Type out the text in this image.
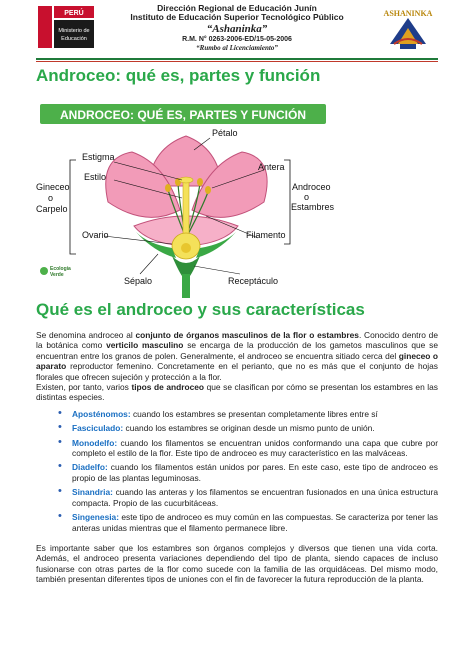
PERÚ
Ministerio de
Educación
Dirección Regional de Educación Junín
Instituto de Educación Superior Tecnológico Público
“Ashaninka”
R.M. N° 0263-2006-ED/15-05-2006
“Rumbo al Licenciamiento”
ASHANINKA
Androceo: qué es, partes y función
ANDROCEO: QUÉ ES, PARTES Y FUNCIÓN
Pétalo
Estigma
Estilo
Antera
Gineceo
o
Carpelo
Androceo
o
Estambres
Ovario	Filamento
Sépalo	Receptáculo
Ecología
Verde
Qué es el androceo y sus características

Se denomina androceo al conjunto de órganos masculinos de la flor o estambres. Conocido dentro de la botánica como verticilo masculino se encarga de la producción de los gametos masculinos que se encuentran entre los granos de polen. Generalmente, el androceo se encuentra sitiado cerca del gineceo o aparato reproductor femenino. Concretamente en el perianto, que no es más que el conjunto de hojas florales que ofrecen sujeción y protección a la flor.

Existen, por tanto, varios tipos de androceo que se clasifican por cómo se presentan los estambres en las distintas especies.

• Aposténomos: cuando los estambres se presentan completamente libres entre sí
• Fasciculado: cuando los estambres se originan desde un mismo punto de unión.
• Monodelfo: cuando los filamentos se encuentran unidos conformando una capa que cubre por completo el estilo de la flor. Este tipo de androceo es muy característico en las malváceas.
• Diadelfo: cuando los filamentos están unidos por pares. En este caso, este tipo de androceo es propio de las plantas leguminosas.
• Sinandria: cuando las anteras y los filamentos se encuentran fusionados en una única estructura compacta. Propio de las cucurbitáceas.
• Singenesia: este tipo de androceo es muy común en las compuestas. Se caracteriza por tener las anteras unidas mientras que el filamento permanece libre.

Es importante saber que los estambres son órganos complejos y diversos que tienen una vida corta. Además, el androceo presenta variaciones dependiendo del tipo de planta, siendo capaces de incluso fusionarse con otras partes de la flor como sucede con la familia de las orquidáceas. Del mismo modo, también presentan diferentes tipos de uniones con el fin de favorecer la futura reproducción de la planta.
